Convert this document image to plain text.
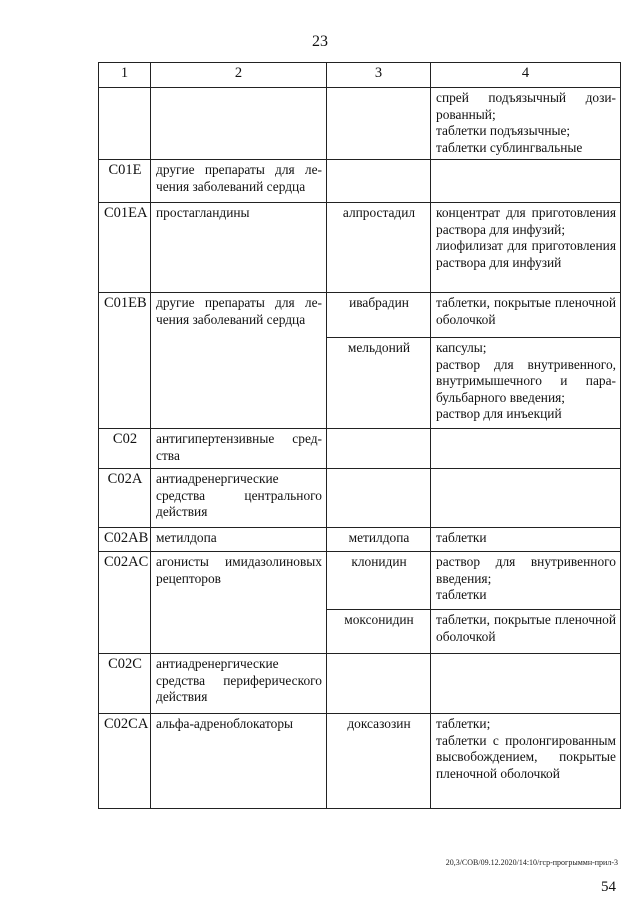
23
1	2	3	4

			спрей подъязычный дозированный;
таблетки подъязычные;
таблетки сублингвальные

C01E	другие препараты для лечения заболеваний сердца		
C01EA	простагландины	алпростадил	концентрат для приготовления раствора для инфузий;
лиофилизат для приготовления раствора для инфузий

C01EB	другие препараты для лечения заболеваний сердца	ивабрадин	таблетки, покрытые пленочной оболочкой

		мельдоний	капсулы;
раствор для внутривенного, внутримышечного и парабульбарного введения;
раствор для инъекций

C02	антигипертензивные средства		
C02A	антиадренергические средства центрального действия		
C02AB	метилдопа	метилдопа	таблетки

C02AC	агонисты имидазолиновых рецепторов	клонидин	раствор для внутривенного введения;
таблетки

		моксонидин	таблетки, покрытые пленочной оболочкой

C02C	антиадренергические средства периферического действия		
C02CA	альфа-адреноблокаторы	доксазозин	таблетки;
таблетки с пролонгированным высвобождением, покрытые пленочной оболочкой
20,3/СОВ/09.12.2020/14:10/гср-прогрыммн-прил-3
54
